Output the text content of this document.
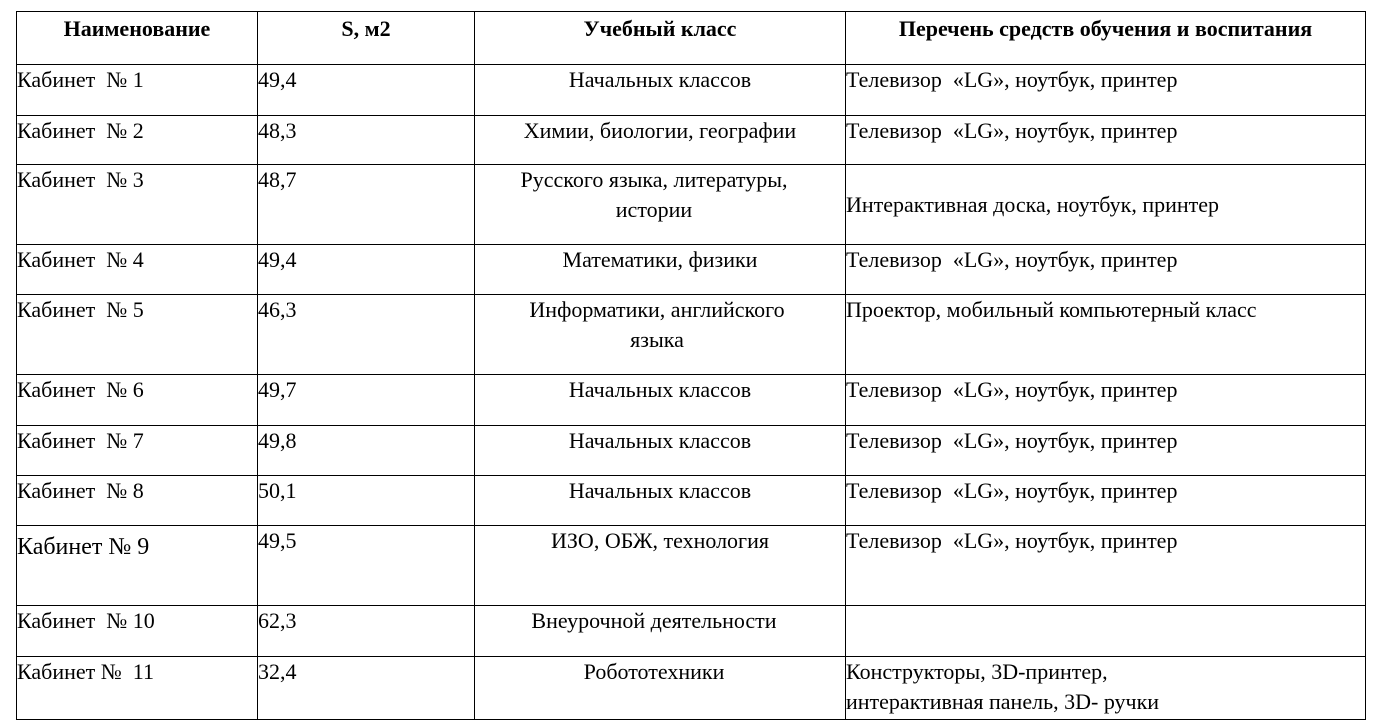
Наименование	S, м2	Учебный класс	Перечень средств обучения и воспитания
Кабинет  № 1	49,4	Начальных классов	Телевизор  «LG», ноутбук, принтер
Кабинет  № 2	48,3	Химии, биологии, географии	Телевизор  «LG», ноутбук, принтер
Кабинет  № 3	48,7	Русского языка, литературы, истории	Интерактивная доска, ноутбук, принтер
Кабинет  № 4	49,4	Математики, физики	Телевизор  «LG», ноутбук, принтер
Кабинет  № 5	46,3	Информатики, английского языка	Проектор, мобильный компьютерный класс
Кабинет  № 6	49,7	Начальных классов	Телевизор  «LG», ноутбук, принтер
Кабинет  № 7	49,8	Начальных классов	Телевизор  «LG», ноутбук, принтер
Кабинет  № 8	50,1	Начальных классов	Телевизор  «LG», ноутбук, принтер
Кабинет № 9	49,5	ИЗО, ОБЖ, технология	Телевизор  «LG», ноутбук, принтер
Кабинет  № 10	62,3	Внеурочной деятельности	
Кабинет №  11	32,4	Робототехники	Конструкторы, 3D-принтер,
интерактивная панель, 3D- ручки
